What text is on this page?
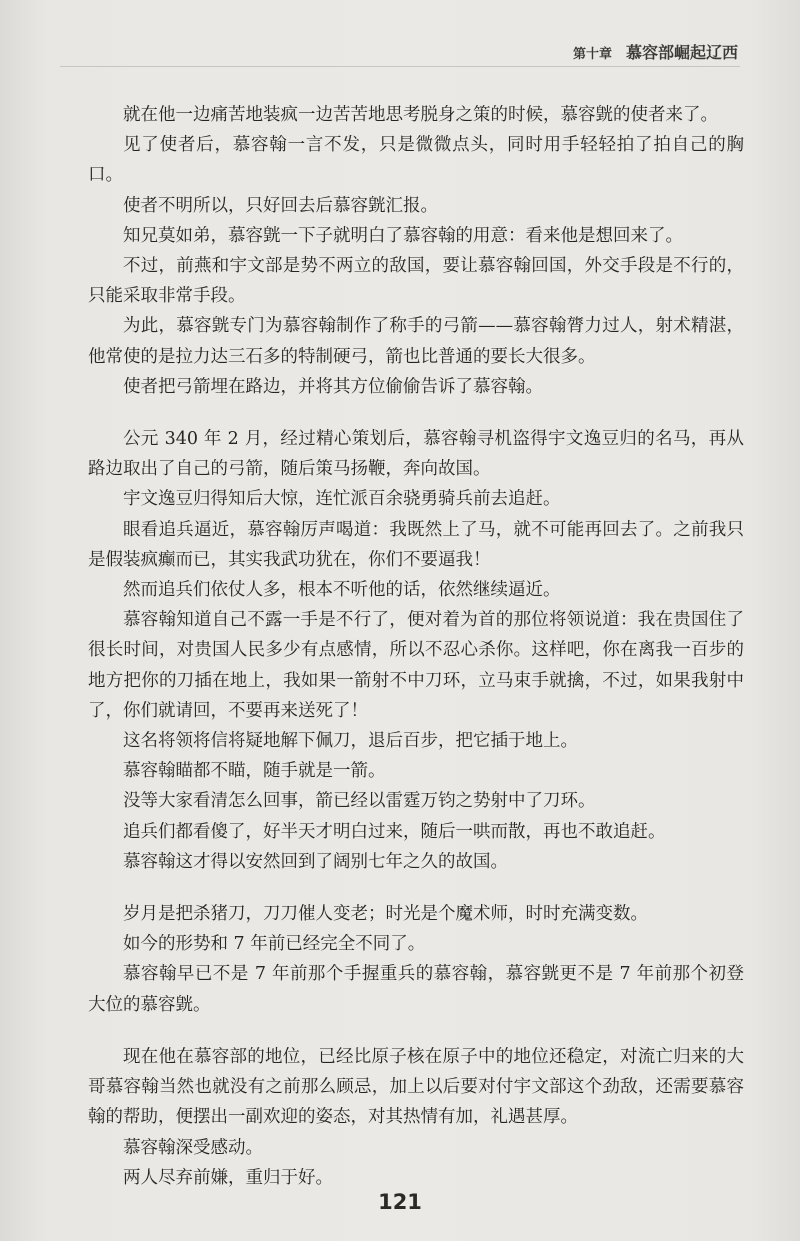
第十章 慕容部崛起辽西

就在他一边痛苦地装疯一边苦苦地思考脱身之策的时候，慕容皝的使者来了。

见了使者后，慕容翰一言不发，只是微微点头，同时用手轻轻拍了拍自己的胸口。

使者不明所以，只好回去后慕容皝汇报。

知兄莫如弟，慕容皝一下子就明白了慕容翰的用意：看来他是想回来了。

不过，前燕和宇文部是势不两立的敌国，要让慕容翰回国，外交手段是不行的，只能采取非常手段。

为此，慕容皝专门为慕容翰制作了称手的弓箭——慕容翰膂力过人，射术精湛，他常使的是拉力达三石多的特制硬弓，箭也比普通的要长大很多。

使者把弓箭埋在路边，并将其方位偷偷告诉了慕容翰。

公元 340 年 2 月，经过精心策划后，慕容翰寻机盗得宇文逸豆归的名马，再从路边取出了自己的弓箭，随后策马扬鞭，奔向故国。

宇文逸豆归得知后大惊，连忙派百余骁勇骑兵前去追赶。

眼看追兵逼近，慕容翰厉声喝道：我既然上了马，就不可能再回去了。之前我只是假装疯癫而已，其实我武功犹在，你们不要逼我！

然而追兵们依仗人多，根本不听他的话，依然继续逼近。

慕容翰知道自己不露一手是不行了，便对着为首的那位将领说道：我在贵国住了很长时间，对贵国人民多少有点感情，所以不忍心杀你。这样吧，你在离我一百步的地方把你的刀插在地上，我如果一箭射不中刀环，立马束手就擒，不过，如果我射中了，你们就请回，不要再来送死了！

这名将领将信将疑地解下佩刀，退后百步，把它插于地上。

慕容翰瞄都不瞄，随手就是一箭。

没等大家看清怎么回事，箭已经以雷霆万钧之势射中了刀环。

追兵们都看傻了，好半天才明白过来，随后一哄而散，再也不敢追赶。

慕容翰这才得以安然回到了阔别七年之久的故国。

岁月是把杀猪刀，刀刀催人变老；时光是个魔术师，时时充满变数。

如今的形势和 7 年前已经完全不同了。

慕容翰早已不是 7 年前那个手握重兵的慕容翰，慕容皝更不是 7 年前那个初登大位的慕容皝。

现在他在慕容部的地位，已经比原子核在原子中的地位还稳定，对流亡归来的大哥慕容翰当然也就没有之前那么顾忌，加上以后要对付宇文部这个劲敌，还需要慕容翰的帮助，便摆出一副欢迎的姿态，对其热情有加，礼遇甚厚。

慕容翰深受感动。

两人尽弃前嫌，重归于好。

121
